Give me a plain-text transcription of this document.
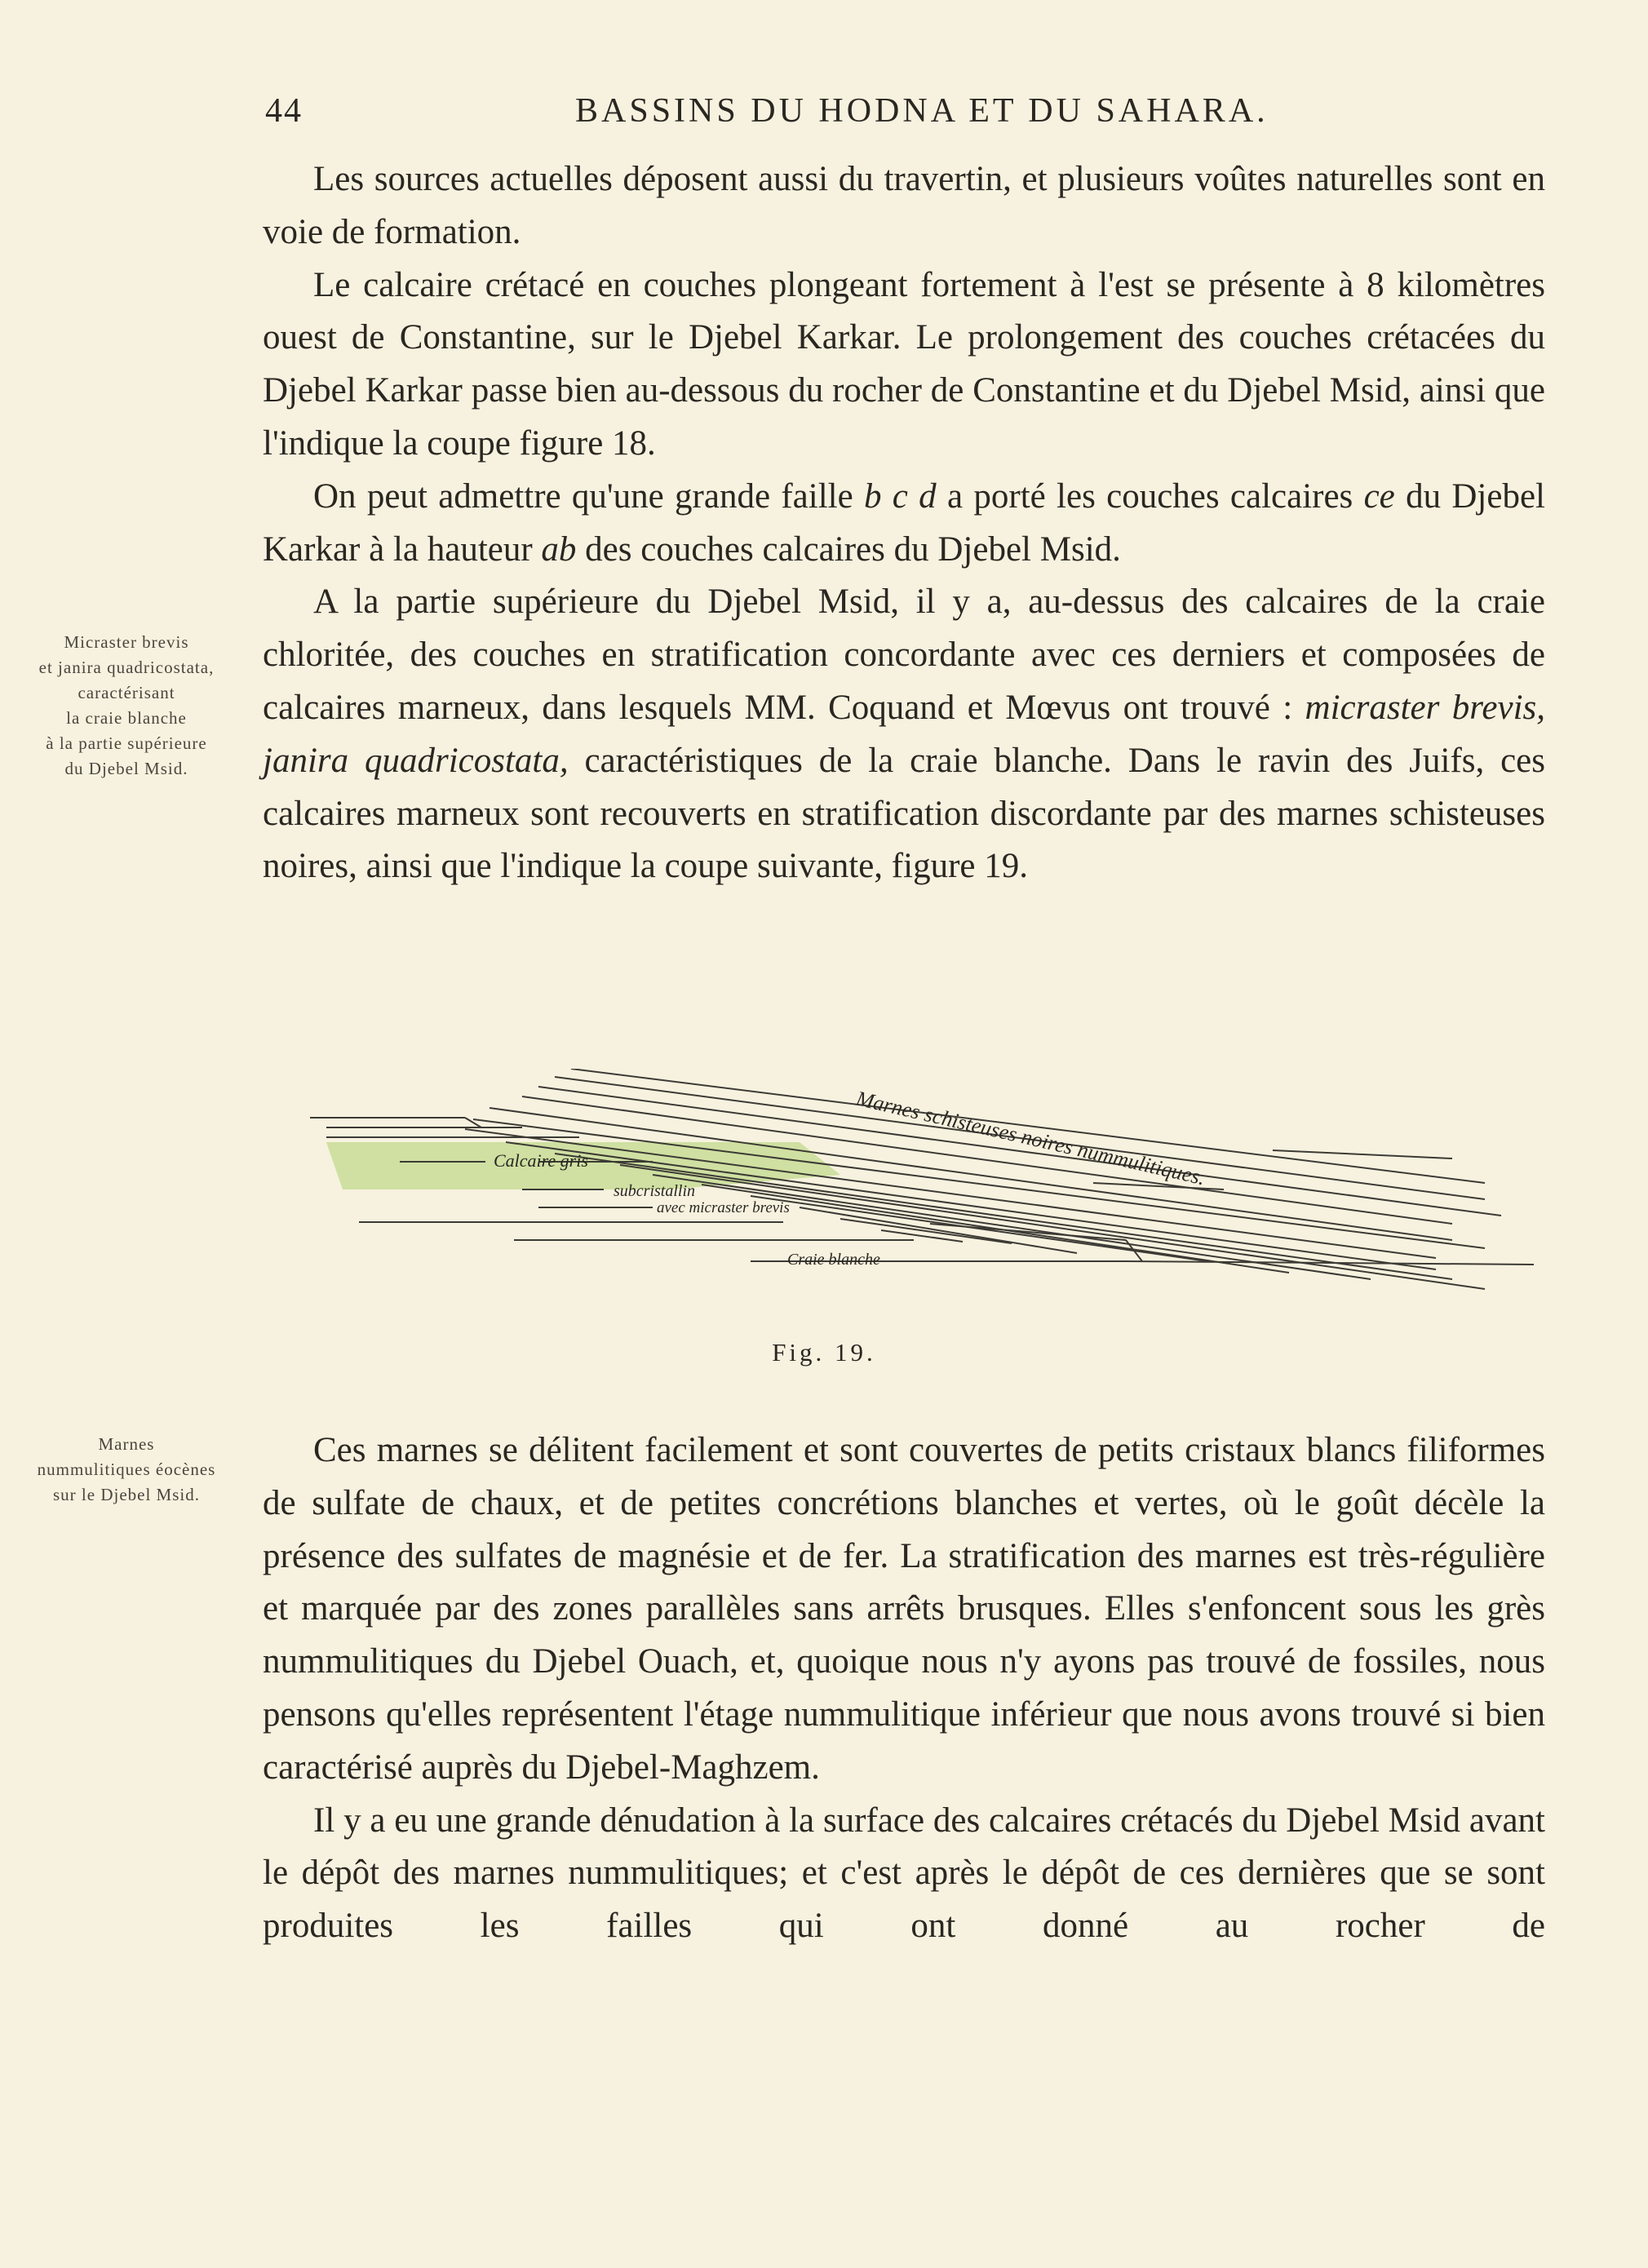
44	BASSINS DU HODNA ET DU SAHARA.

Les sources actuelles déposent aussi du travertin, et plusieurs voûtes naturelles sont en voie de formation.

Le calcaire crétacé en couches plongeant fortement à l'est se présente à 8 kilomètres ouest de Constantine, sur le Djebel Karkar. Le prolongement des couches crétacées du Djebel Karkar passe bien au-dessous du rocher de Constantine et du Djebel Msid, ainsi que l'indique la coupe figure 18.

On peut admettre qu'une grande faille b c d a porté les couches calcaires ce du Djebel Karkar à la hauteur ab des couches calcaires du Djebel Msid.

A la partie supérieure du Djebel Msid, il y a, au-dessus des calcaires de la craie chloritée, des couches en stratification concordante avec ces derniers et composées de calcaires marneux, dans lesquels MM. Coquand et Mœvus ont trouvé : micraster brevis, janira quadricostata, caractéristiques de la craie blanche. Dans le ravin des Juifs, ces calcaires marneux sont recouverts en stratification discordante par des marnes schisteuses noires, ainsi que l'indique la coupe suivante, figure 19.

Micraster brevis
et janira quadricostata,
caractérisant
la craie blanche
à la partie supérieure
du Djebel Msid.
Calcaire gris
subcristallin
avec micraster brevis
Craie blanche
Marnes schisteuses noires nummulitiques.
Fig. 19.
Marnes
nummulitiques éocènes
sur le Djebel Msid.

Ces marnes se délitent facilement et sont couvertes de petits cristaux blancs filiformes de sulfate de chaux, et de petites concrétions blanches et vertes, où le goût décèle la présence des sulfates de magnésie et de fer. La stratification des marnes est très-régulière et marquée par des zones parallèles sans arrêts brusques. Elles s'enfoncent sous les grès nummulitiques du Djebel Ouach, et, quoique nous n'y ayons pas trouvé de fossiles, nous pensons qu'elles représentent l'étage nummulitique inférieur que nous avons trouvé si bien caractérisé auprès du Djebel-Maghzem.

Il y a eu une grande dénudation à la surface des calcaires crétacés du Djebel Msid avant le dépôt des marnes nummulitiques; et c'est après le dépôt de ces dernières que se sont produites les failles qui ont donné au rocher de
